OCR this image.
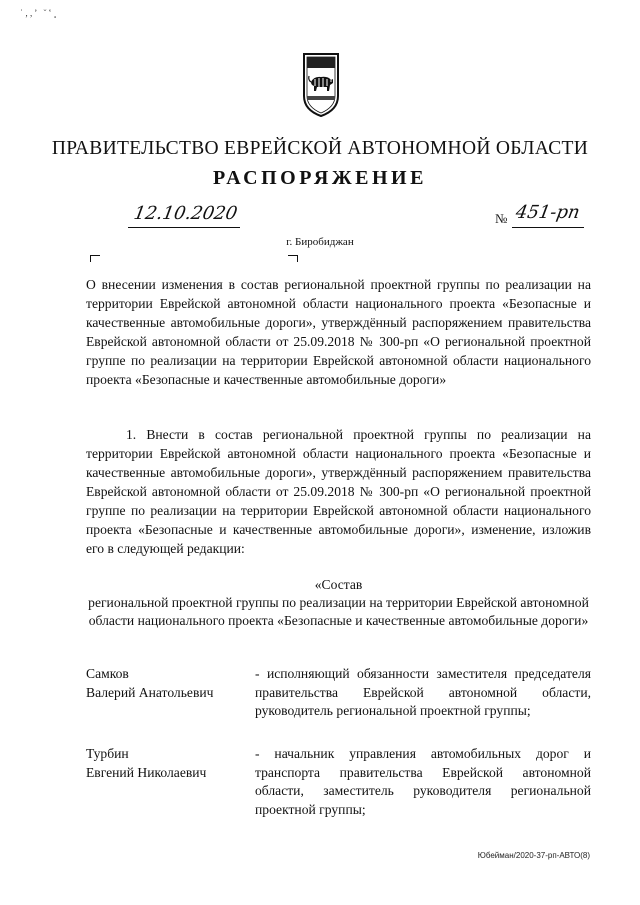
˙‚,ʼ ˘‛¸
ПРАВИТЕЛЬСТВО ЕВРЕЙСКОЙ АВТОНОМНОЙ ОБЛАСТИ
РАСПОРЯЖЕНИЕ
12.10.2020	№ 451-рп
г. Биробиджан
О внесении изменения в состав региональной проектной группы по реализации на территории Еврейской автономной области национального проекта «Безопасные и качественные автомобильные дороги», утверждённый распоряжением правительства Еврейской автономной области от 25.09.2018 № 300-рп «О региональной проектной группе по реализации на территории Еврейской автономной области национального проекта «Безопасные и качественные автомобильные дороги»
1. Внести в состав региональной проектной группы по реализации на территории Еврейской автономной области национального проекта «Безопасные и качественные автомобильные дороги», утверждённый распоряжением правительства Еврейской автономной области от 25.09.2018 № 300-рп «О региональной проектной группе по реализации на территории Еврейской автономной области национального проекта «Безопасные и качественные автомобильные дороги», изменение, изложив его в следующей редакции:
«Состав
региональной проектной группы по реализации на территории Еврейской автономной области национального проекта «Безопасные и качественные автомобильные дороги»
Самков
Валерий Анатольевич
- исполняющий обязанности заместителя председателя правительства Еврейской автономной области, руководитель региональной проектной группы;
Турбин
Евгений Николаевич
- начальник управления автомобильных дорог и транспорта правительства Еврейской автономной области, заместитель руководителя региональной проектной группы;
Юбейман/2020-37-рп-АВТО(8)
